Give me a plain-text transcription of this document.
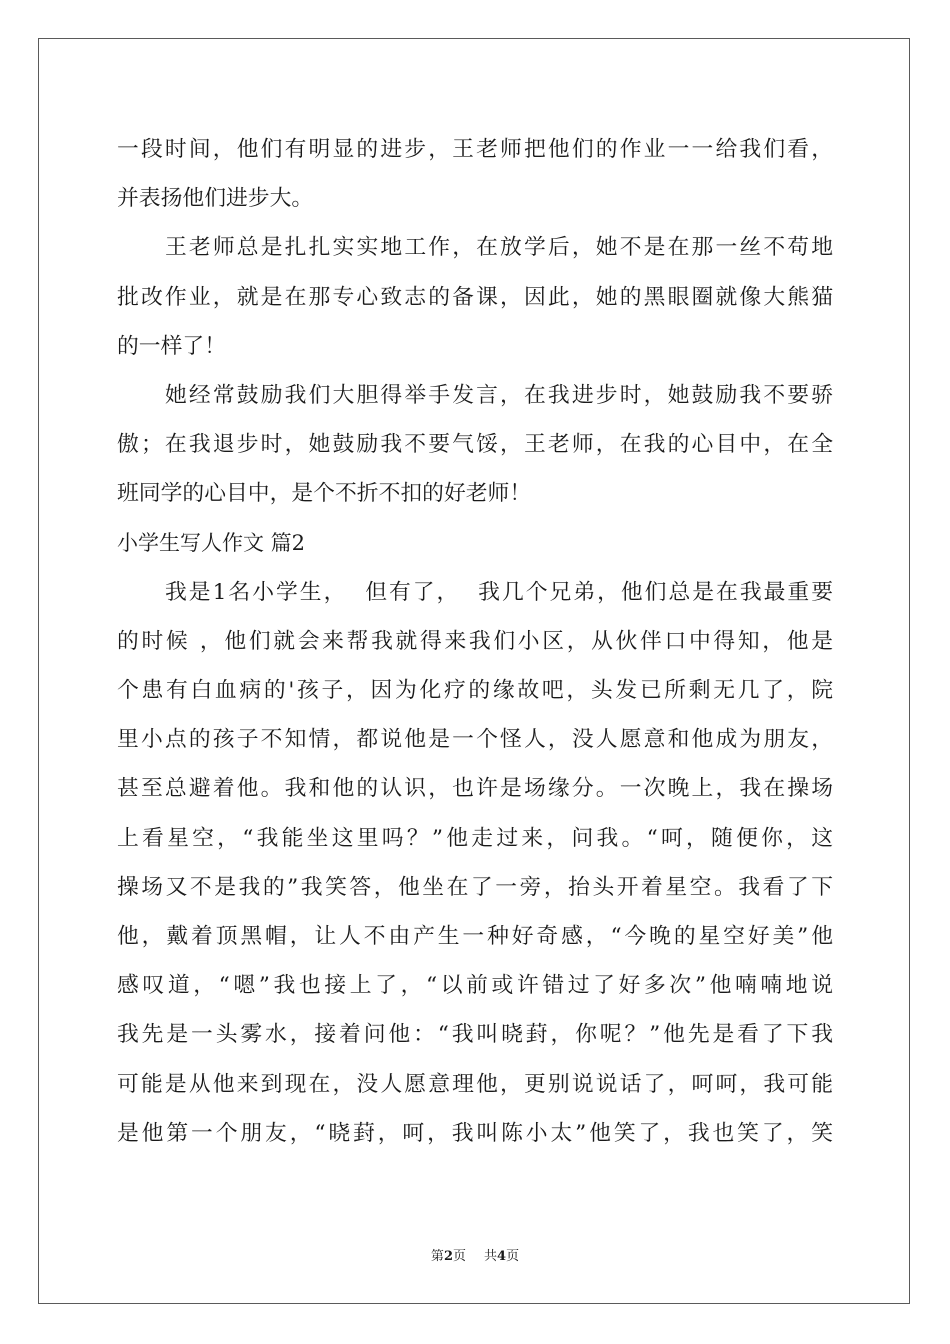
一段时间，他们有明显的进步，王老师把他们的作业一一给我们看，
并表扬他们进步大。
王老师总是扎扎实实地工作，在放学后，她不是在那一丝不苟地
批改作业，就是在那专心致志的备课，因此，她的黑眼圈就像大熊猫
的一样了！
她经常鼓励我们大胆得举手发言，在我进步时，她鼓励我不要骄
傲；在我退步时，她鼓励我不要气馁，王老师，在我的心目中，在全
班同学的心目中，是个不折不扣的好老师！
小学生写人作文 篇2
我是1名小学生，  但有了，  我几个兄弟，他们总是在我最重要
的时候 ，他们就会来帮我就得来我们小区，从伙伴口中得知，他是
个患有白血病的'孩子，因为化疗的缘故吧，头发已所剩无几了，院
里小点的孩子不知情，都说他是一个怪人，没人愿意和他成为朋友，
甚至总避着他。我和他的认识，也许是场缘分。一次晚上，我在操场
上看星空，“我能坐这里吗？”他走过来，问我。“呵，随便你，这
操场又不是我的”我笑答，他坐在了一旁，抬头开着星空。我看了下
他，戴着顶黑帽，让人不由产生一种好奇感，“今晚的星空好美”他
感叹道，“嗯”我也接上了，“以前或许错过了好多次”他喃喃地说
我先是一头雾水，接着问他：“我叫晓葑，你呢？”他先是看了下我
可能是从他来到现在，没人愿意理他，更别说说话了，呵呵，我可能
是他第一个朋友，“晓葑，呵，我叫陈小太”他笑了，我也笑了，笑
第2页 共4页
